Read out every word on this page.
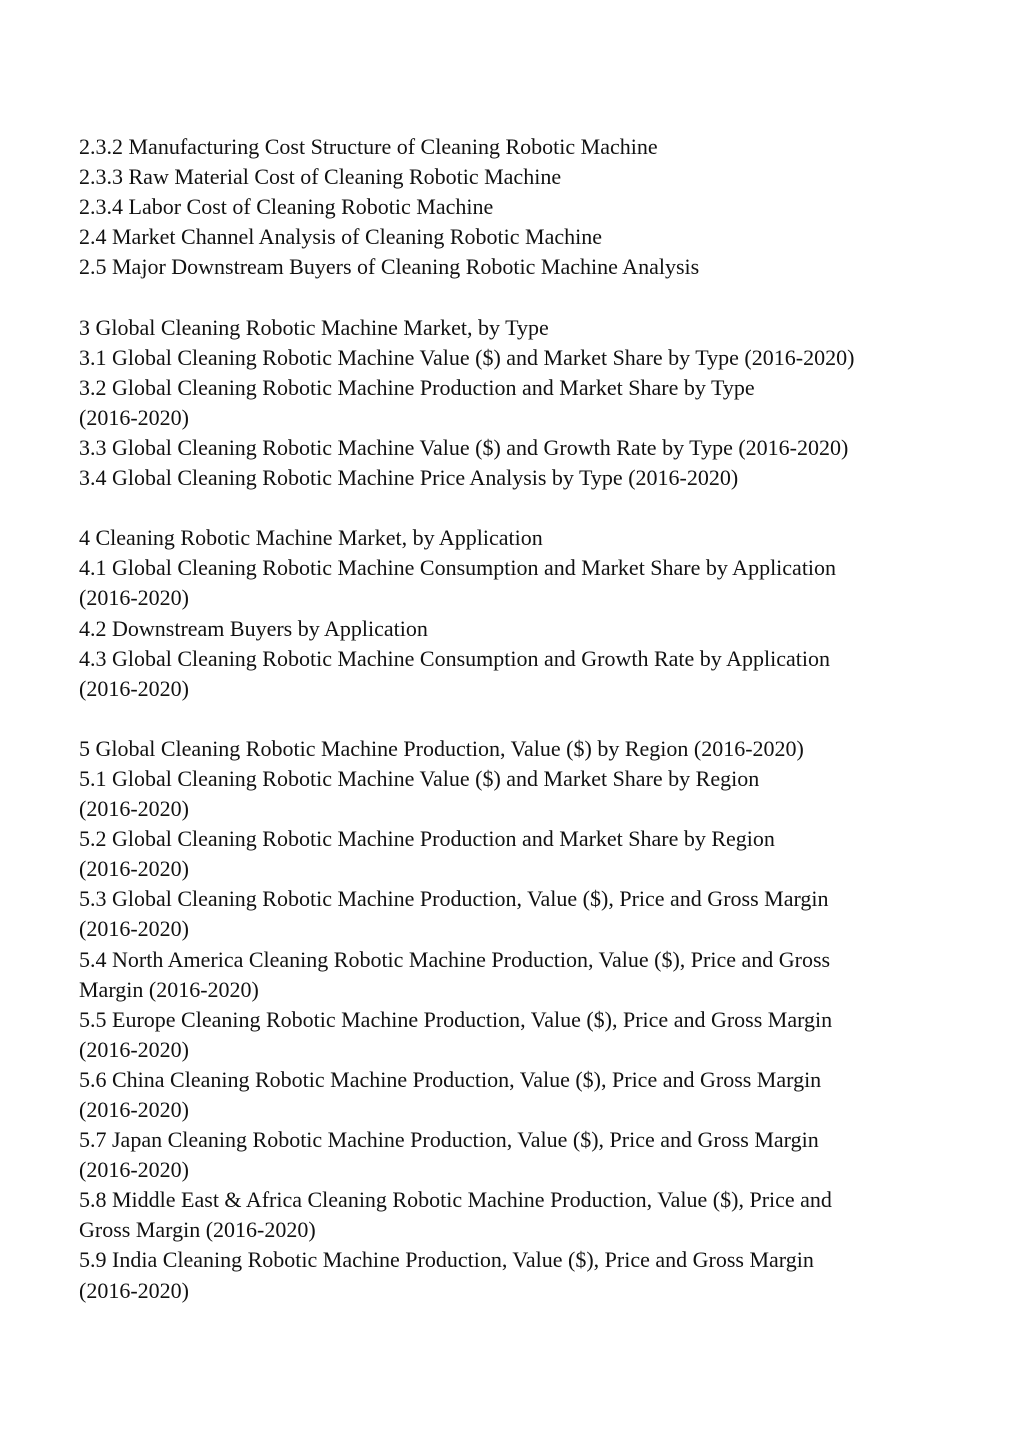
2.3.2 Manufacturing Cost Structure of Cleaning Robotic Machine
2.3.3 Raw Material Cost of Cleaning Robotic Machine
2.3.4 Labor Cost of Cleaning Robotic Machine
2.4 Market Channel Analysis of Cleaning Robotic Machine
2.5 Major Downstream Buyers of Cleaning Robotic Machine Analysis
3 Global Cleaning Robotic Machine Market, by Type
3.1 Global Cleaning Robotic Machine Value ($) and Market Share by Type (2016-2020)
3.2 Global Cleaning Robotic Machine Production and Market Share by Type
(2016-2020)
3.3 Global Cleaning Robotic Machine Value ($) and Growth Rate by Type (2016-2020)
3.4 Global Cleaning Robotic Machine Price Analysis by Type (2016-2020)
4 Cleaning Robotic Machine Market, by Application
4.1 Global Cleaning Robotic Machine Consumption and Market Share by Application
(2016-2020)
4.2 Downstream Buyers by Application
4.3 Global Cleaning Robotic Machine Consumption and Growth Rate by Application
(2016-2020)
5 Global Cleaning Robotic Machine Production, Value ($) by Region (2016-2020)
5.1 Global Cleaning Robotic Machine Value ($) and Market Share by Region
(2016-2020)
5.2 Global Cleaning Robotic Machine Production and Market Share by Region
(2016-2020)
5.3 Global Cleaning Robotic Machine Production, Value ($), Price and Gross Margin
(2016-2020)
5.4 North America Cleaning Robotic Machine Production, Value ($), Price and Gross
Margin (2016-2020)
5.5 Europe Cleaning Robotic Machine Production, Value ($), Price and Gross Margin
(2016-2020)
5.6 China Cleaning Robotic Machine Production, Value ($), Price and Gross Margin
(2016-2020)
5.7 Japan Cleaning Robotic Machine Production, Value ($), Price and Gross Margin
(2016-2020)
5.8 Middle East & Africa Cleaning Robotic Machine Production, Value ($), Price and
Gross Margin (2016-2020)
5.9 India Cleaning Robotic Machine Production, Value ($), Price and Gross Margin
(2016-2020)
